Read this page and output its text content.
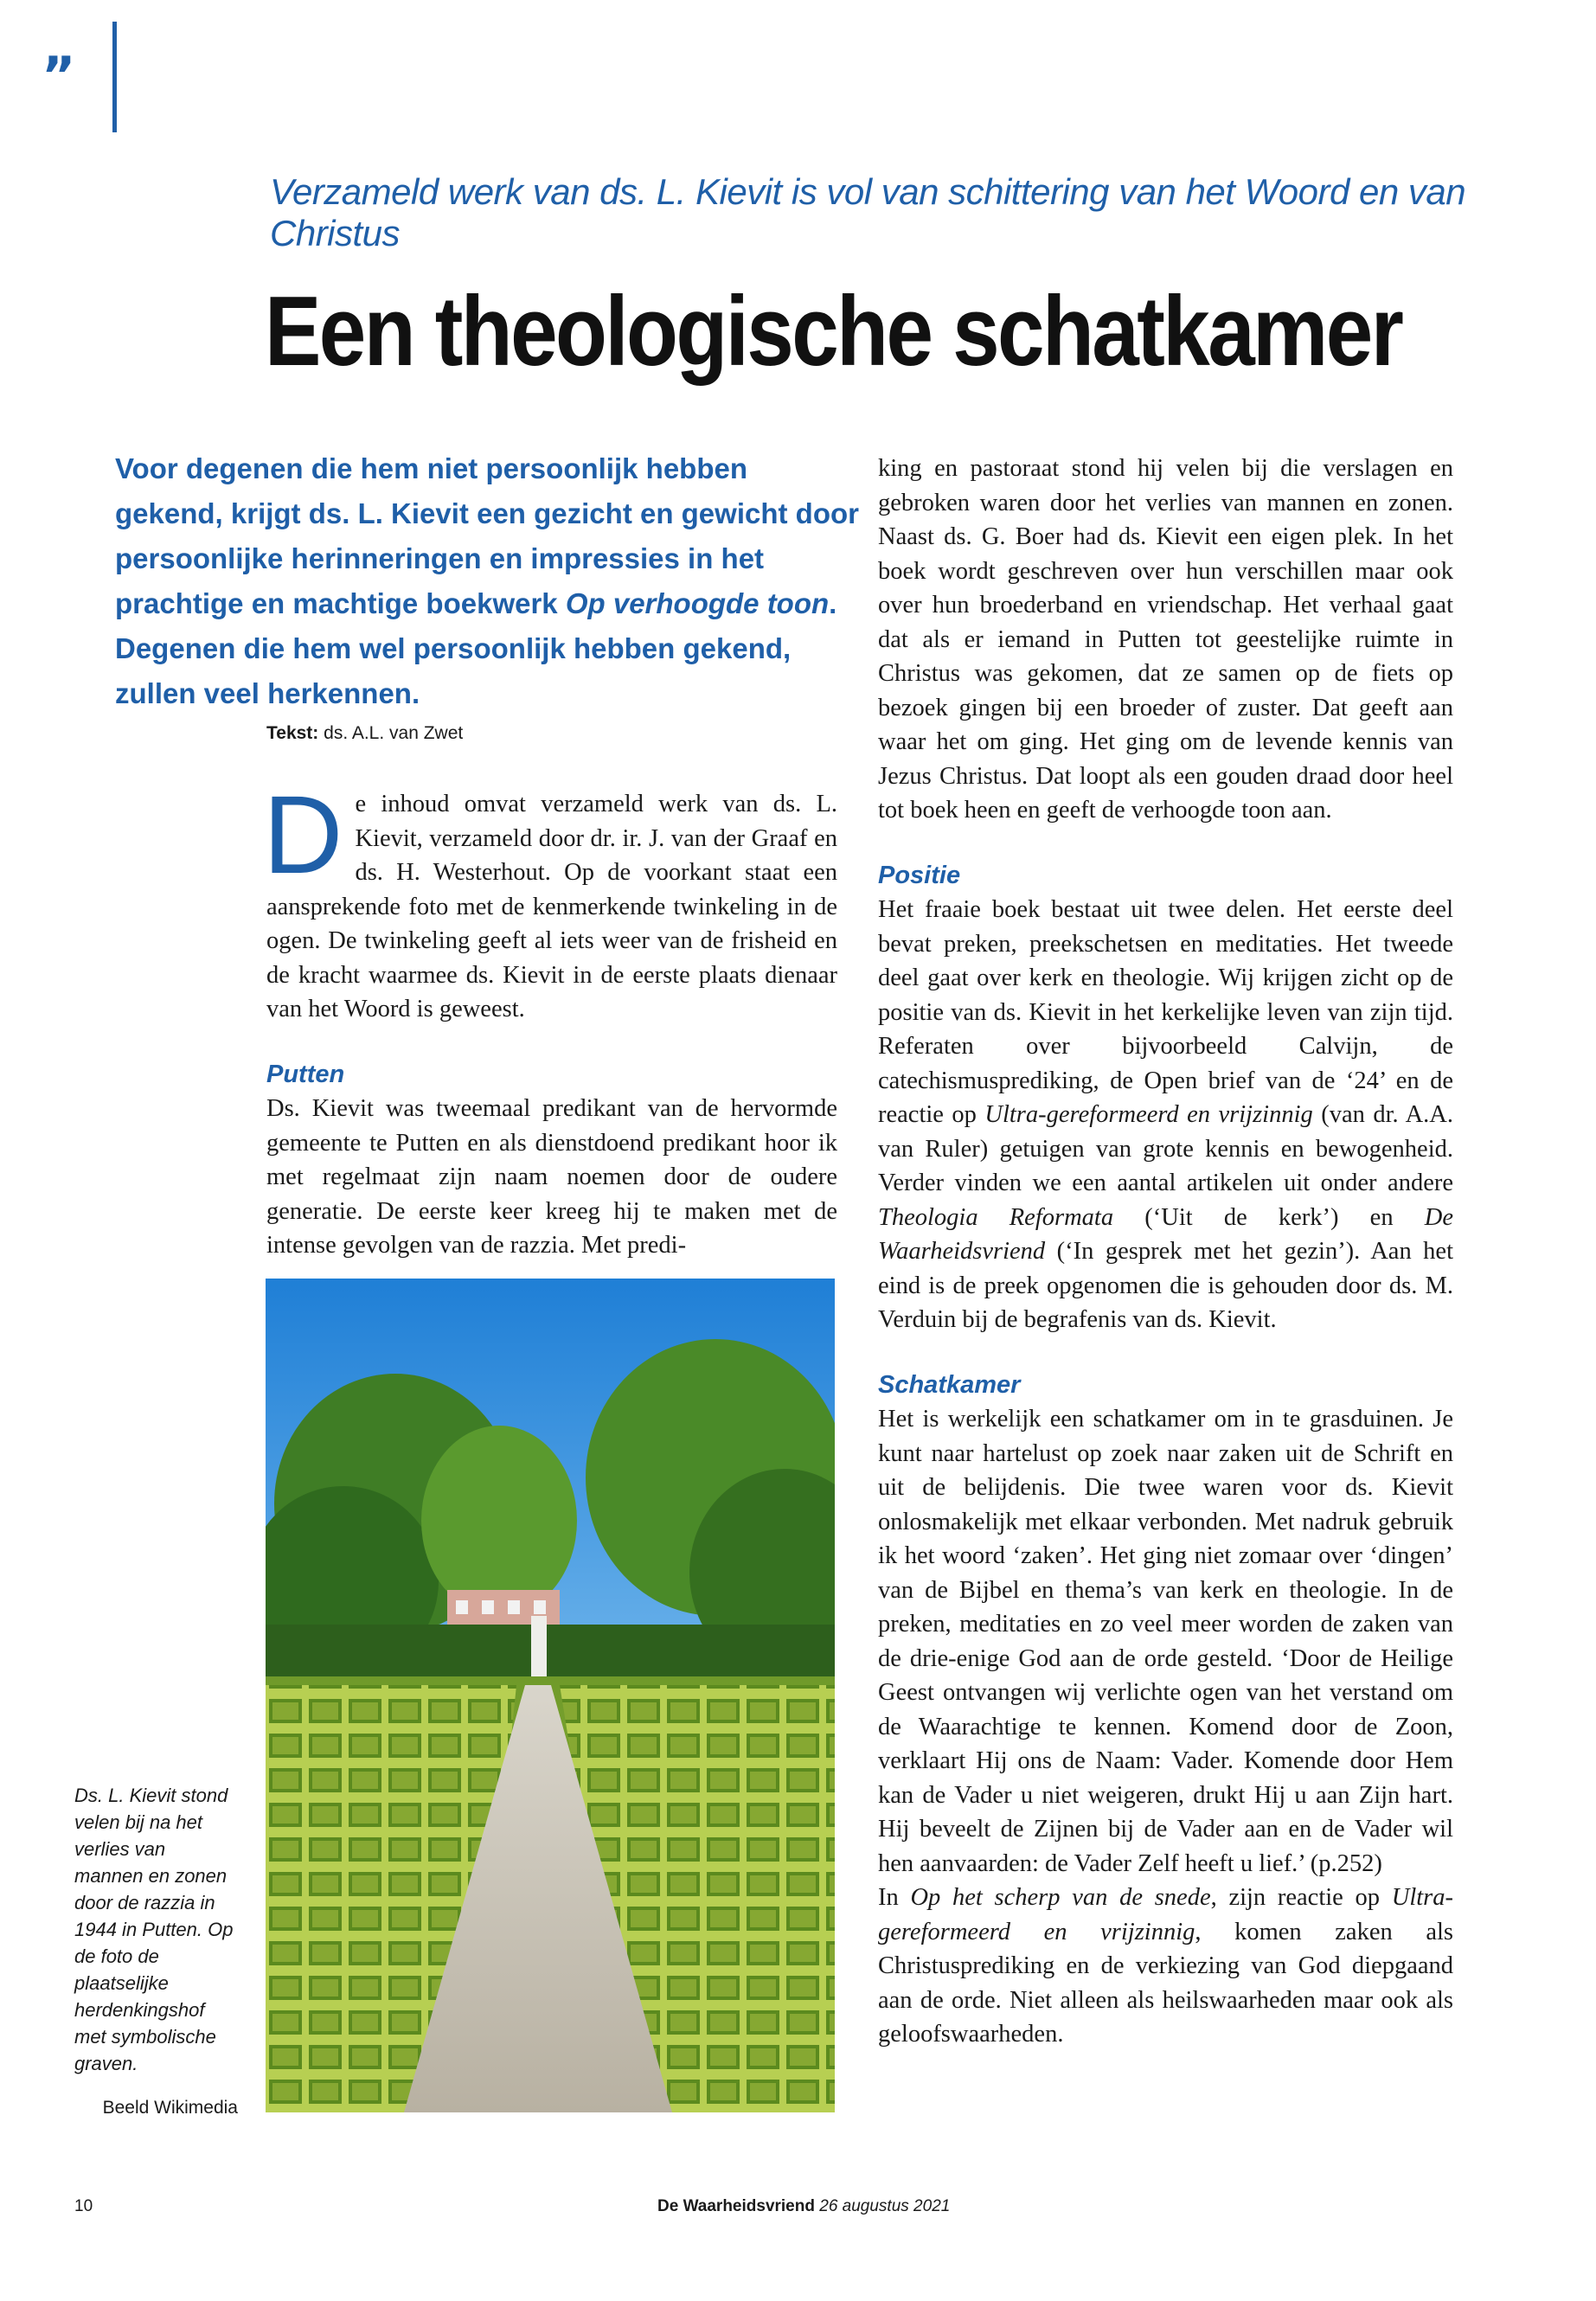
”
Verzameld werk van ds. L. Kievit is vol van schittering van het Woord en van Christus
Een theologische schatkamer
Voor degenen die hem niet persoonlijk hebben gekend, krijgt ds. L. Kievit een gezicht en gewicht door persoonlijke herinneringen en impressies in het prachtige en machtige boekwerk Op verhoogde toon. Degenen die hem wel persoonlijk hebben gekend, zullen veel herkennen.
Tekst: ds. A.L. van Zwet

De inhoud omvat verzameld werk van ds. L. Kievit, verzameld door dr. ir. J. van der Graaf en ds. H. Westerhout. Op de voorkant staat een aansprekende foto met de kenmerkende twinkeling in de ogen. De twinkeling geeft al iets weer van de frisheid en de kracht waarmee ds. Kievit in de eerste plaats dienaar van het Woord is geweest.

Putten

Ds. Kievit was tweemaal predikant van de hervormde gemeente te Putten en als dienstdoend predikant hoor ik met regelmaat zijn naam noemen door de oudere generatie. De eerste keer kreeg hij te maken met de intense gevolgen van de razzia. Met predi-

king en pastoraat stond hij velen bij die verslagen en gebroken waren door het verlies van mannen en zonen. Naast ds. G. Boer had ds. Kievit een eigen plek. In het boek wordt geschreven over hun verschillen maar ook over hun broederband en vriendschap. Het verhaal gaat dat als er iemand in Putten tot geestelijke ruimte in Christus was gekomen, dat ze samen op de fiets op bezoek gingen bij een broeder of zuster. Dat geeft aan waar het om ging. Het ging om de levende kennis van Jezus Christus. Dat loopt als een gouden draad door heel tot boek heen en geeft de verhoogde toon aan.

Positie

Het fraaie boek bestaat uit twee delen. Het eerste deel bevat preken, preekschetsen en meditaties. Het tweede deel gaat over kerk en theologie. Wij krijgen zicht op de positie van ds. Kievit in het kerkelijke leven van zijn tijd. Referaten over bijvoorbeeld Calvijn, de catechismusprediking, de Open brief van de ‘24’ en de reactie op Ultra-gereformeerd en vrijzinnig (van dr. A.A. van Ruler) getuigen van grote kennis en bewogenheid. Verder vinden we een aantal artikelen uit onder andere Theologia Reformata (‘Uit de kerk’) en De Waarheidsvriend (‘In gesprek met het gezin’). Aan het eind is de preek opgenomen die is gehouden door ds. M. Verduin bij de begrafenis van ds. Kievit.

Schatkamer

Het is werkelijk een schatkamer om in te grasduinen. Je kunt naar hartelust op zoek naar zaken uit de Schrift en uit de belijdenis. Die twee waren voor ds. Kievit onlosmakelijk met elkaar verbonden. Met nadruk gebruik ik het woord ‘zaken’. Het ging niet zomaar over ‘dingen’ van de Bijbel en thema’s van kerk en theologie. In de preken, meditaties en zo veel meer worden de zaken van de drie-enige God aan de orde gesteld. ‘Door de Heilige Geest ontvangen wij verlichte ogen van het verstand om de Waarachtige te kennen. Komend door de Zoon, verklaart Hij ons de Naam: Vader. Komende door Hem kan de Vader u niet weigeren, drukt Hij u aan Zijn hart. Hij beveelt de Zijnen bij de Vader aan en de Vader wil hen aanvaarden: de Vader Zelf heeft u lief.’ (p.252)

In Op het scherp van de snede, zijn reactie op Ultra-gereformeerd en vrijzinnig, komen zaken als Christusprediking en de verkiezing van God diepgaand aan de orde. Niet alleen als heilswaarheden maar ook als geloofswaarheden.

Ds. L. Kievit stond velen bij na het verlies van mannen en zonen door de razzia in 1944 in Putten. Op de foto de plaatselijke herdenkingshof met symbolische graven.
Beeld Wikimedia
10	De Waarheidsvriend 26 augustus 2021
